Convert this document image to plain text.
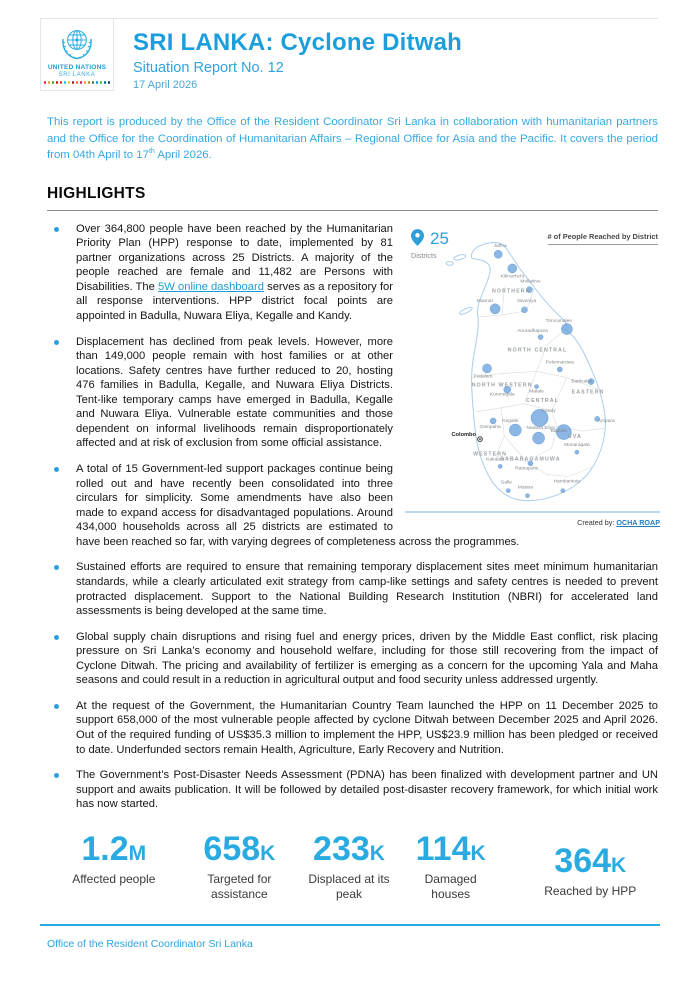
UNITED NATIONS
SRI LANKA
SRI LANKA: Cyclone Ditwah
Situation Report No. 12
17 April 2026

This report is produced by the Office of the Resident Coordinator Sri Lanka in collaboration with humanitarian partners and the Office for the Coordination of Humanitarian Affairs – Regional Office for Asia and the Pacific. It covers the period from 04th April to 17th April 2026.

HIGHLIGHTS
25
Districts
# of People Reached by District
Jaffna
Kilinochchi
Mullaitivu
Mannar	Vavuniya
Anuradhapura
Trincomalee
Polonnaruwa
Puttalam
Batticaloa
Kurunegala
Matale
Kandy
Ampara
Kegalle
Nuwara Eliya
Badulla
Monaragala
Gampaha
Kalutara
Ratnapura
Galle
Matara
Hambantota
Colombo
NORTHERN
NORTH CENTRAL
NORTH WESTERN
CENTRAL
EASTERN
UVA
WESTERN
SABARAGAMUWA
Created by: OCHA ROAP
Over 364,800 people have been reached by the Humanitarian Priority Plan (HPP) response to date, implemented by 81 partner organizations across 25 Districts. A majority of the people reached are female and 11,482 are Persons with Disabilities. The 5W online dashboard serves as a repository for all response interventions. HPP district focal points are appointed in Badulla, Nuwara Eliya, Kegalle and Kandy.
Displacement has declined from peak levels. However, more than 149,000 people remain with host families or at other locations. Safety centres have further reduced to 20, hosting 476 families in Badulla, Kegalle, and Nuwara Eliya Districts. Tent-like temporary camps have emerged in Badulla, Kegalle and Nuwara Eliya. Vulnerable estate communities and those dependent on informal livelihoods remain disproportionately affected and at risk of exclusion from some official assistance.
A total of 15 Government-led support packages continue being rolled out and have recently been consolidated into three circulars for simplicity. Some amendments have also been made to expand access for disadvantaged populations. Around 434,000 households across all 25 districts are estimated to have been reached so far, with varying degrees of completeness across the programmes.
Sustained efforts are required to ensure that remaining temporary displacement sites meet minimum humanitarian standards, while a clearly articulated exit strategy from camp-like settings and safety centres is needed to prevent protracted displacement. Support to the National Building Research Institution (NBRI) for accelerated land assessments is being developed at the same time.
Global supply chain disruptions and rising fuel and energy prices, driven by the Middle East conflict, risk placing pressure on Sri Lanka’s economy and household welfare, including for those still recovering from the impact of Cyclone Ditwah. The pricing and availability of fertilizer is emerging as a concern for the upcoming Yala and Maha seasons and could result in a reduction in agricultural output and food security unless addressed urgently.
At the request of the Government, the Humanitarian Country Team launched the HPP on 11 December 2025 to support 658,000 of the most vulnerable people affected by cyclone Ditwah between December 2025 and April 2026. Out of the required funding of US$35.3 million to implement the HPP, US$23.9 million has been pledged or received to date. Underfunded sectors remain Health, Agriculture, Early Recovery and Nutrition.
The Government’s Post-Disaster Needs Assessment (PDNA) has been finalized with development partner and UN support and awaits publication. It will be followed by detailed post-disaster recovery framework, for which initial work has now started.
1.2M
Affected people
658K
Targeted for assistance
233K
Displaced at its peak
114K
Damaged houses
364K
Reached by HPP
Office of the Resident Coordinator Sri Lanka
